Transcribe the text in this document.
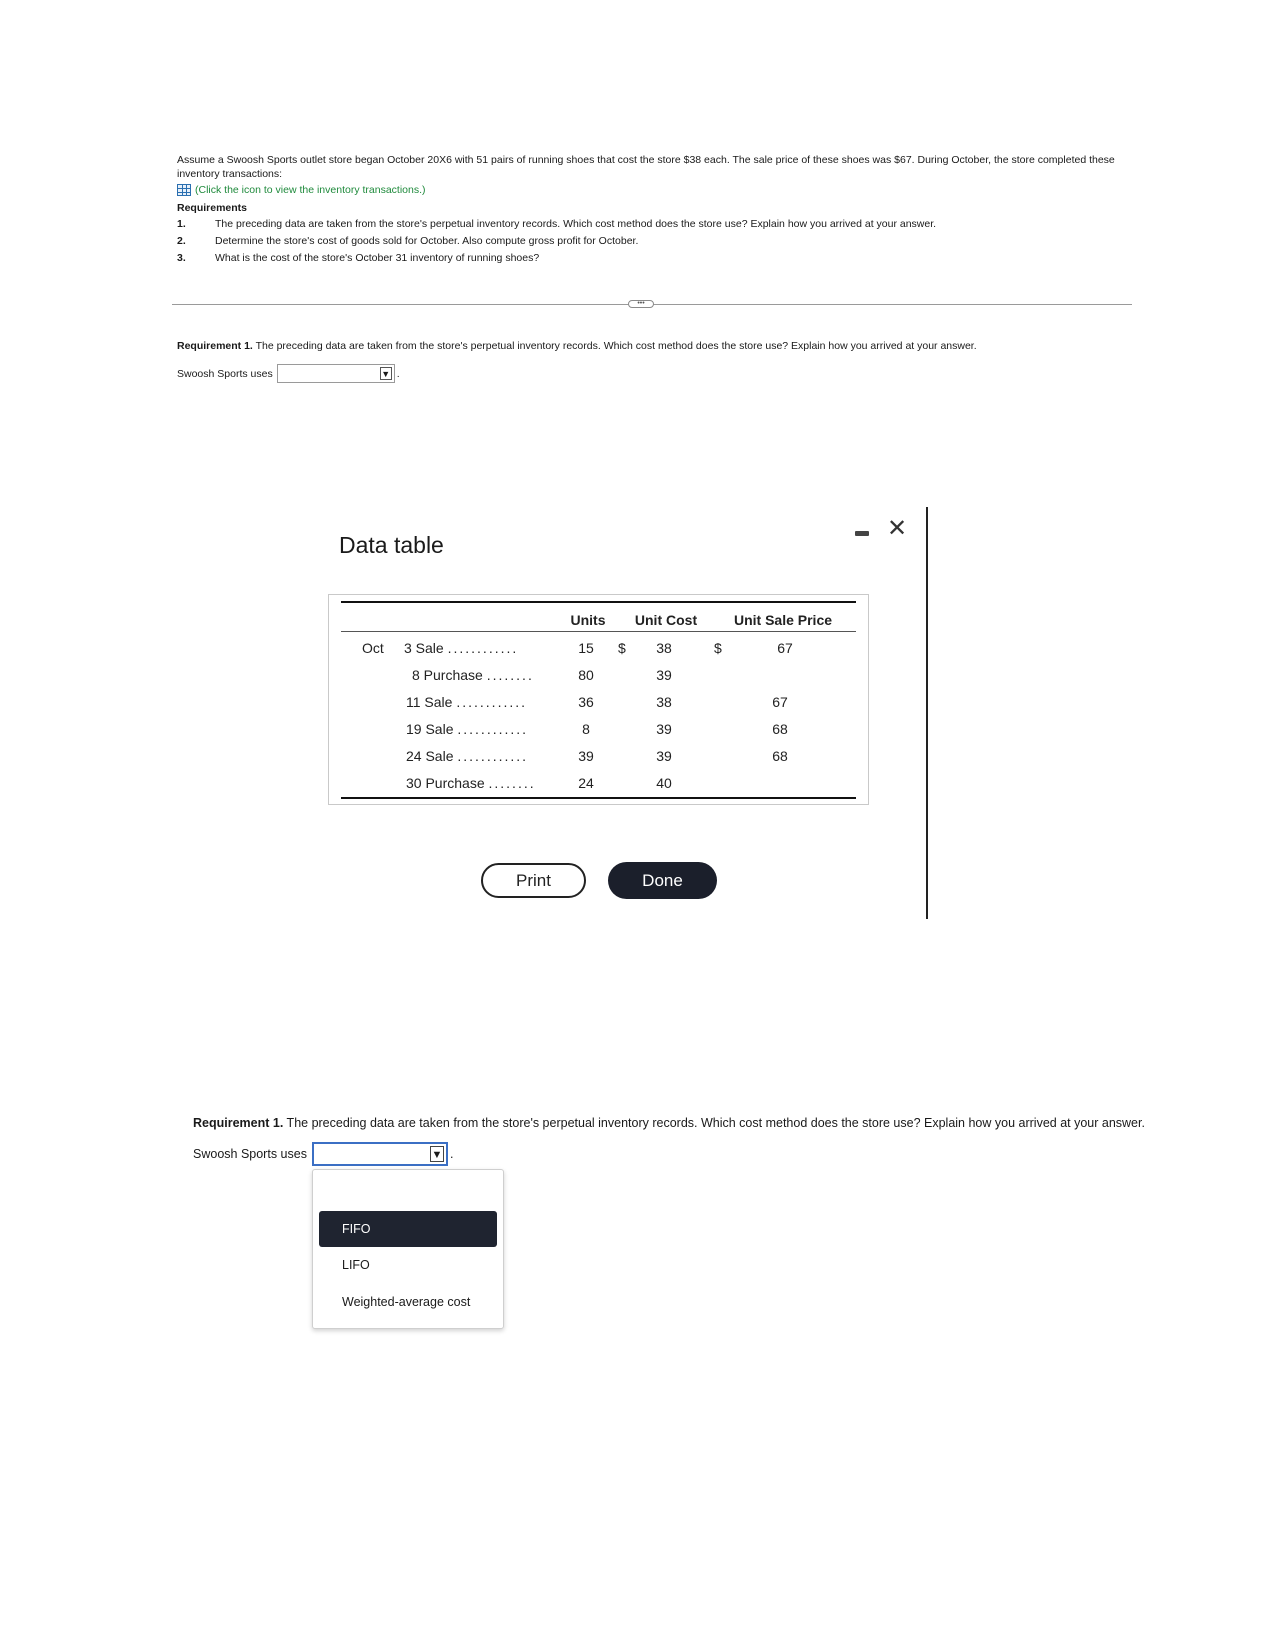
Assume a Swoosh Sports outlet store began October 20X6 with 51 pairs of running shoes that cost the store $38 each. The sale price of these shoes was $67. During October, the store completed these inventory transactions:
(Click the icon to view the inventory transactions.)
Requirements
1.	The preceding data are taken from the store's perpetual inventory records. Which cost method does the store use? Explain how you arrived at your answer.
2.	Determine the store's cost of goods sold for October. Also compute gross profit for October.
3.	What is the cost of the store's October 31 inventory of running shoes?
•••
Requirement 1. The preceding data are taken from the store's perpetual inventory records. Which cost method does the store use? Explain how you arrived at your answer.
Swoosh Sports uses	▼ .
✕
Data table
Units	Unit Cost	Unit Sale Price
Oct 3 Sale ............	15	$	38	$	67
8 Purchase ........	80	39
11 Sale ............	36	38	67
19 Sale ............	8	39	68
24 Sale ............	39	39	68
30 Purchase ........	24	40
Print	Done
Requirement 1. The preceding data are taken from the store's perpetual inventory records. Which cost method does the store use? Explain how you arrived at your answer.
Swoosh Sports uses	▼ .
FIFO
LIFO
Weighted-average cost
